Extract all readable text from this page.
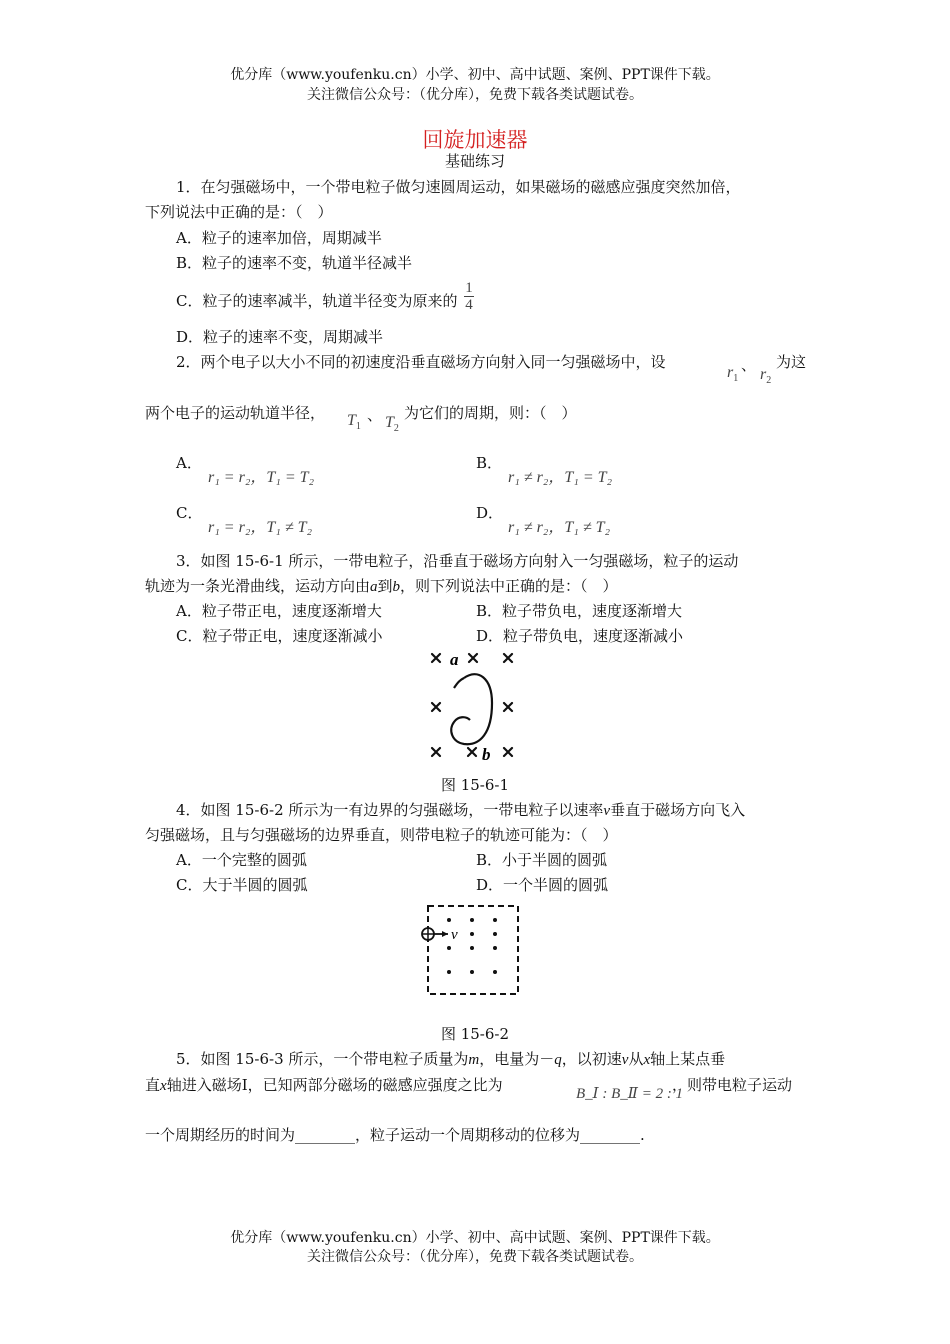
优分库（www.youfenku.cn）小学、初中、高中试题、案例、PPT课件下载。
关注微信公众号：（优分库），免费下载各类试题试卷。
回旋加速器
基础练习
1．在匀强磁场中，一个带电粒子做匀速圆周运动，如果磁场的磁感应强度突然加倍，
下列说法中正确的是：（　）
A．粒子的速率加倍，周期减半
B．粒子的速率不变，轨道半径减半
C．粒子的速率减半，轨道半径变为原来的 $\frac{1}{4}$
D．粒子的速率不变，周期减半
2．两个电子以大小不同的初速度沿垂直磁场方向射入同一匀强磁场中，设
$r_1$
、
$r_2$
为这
两个电子的运动轨道半径， $T_1$
、 $T_2$
为它们的周期，则：（　）
A．
r₁ = r₂，T₁ = T₂
B．
r₁ ≠ r₂，T₁ = T₂
C．
r₁ = r₂，T₁ ≠ T₂
D．
r₁ ≠ r₂，T₁ ≠ T₂
3．如图 15-6-1 所示，一带电粒子，沿垂直于磁场方向射入一匀强磁场，粒子的运动
轨迹为一条光滑曲线，运动方向由a到b，则下列说法中正确的是：（　）
A．粒子带正电，速度逐渐增大	B．粒子带负电，速度逐渐增大
C．粒子带正电，速度逐渐减小	D．粒子带负电，速度逐渐减小
a
b
图 15-6-1
4．如图 15-6-2 所示为一有边界的匀强磁场，一带电粒子以速率v垂直于磁场方向飞入
匀强磁场，且与匀强磁场的边界垂直，则带电粒子的轨迹可能为：（　）
A．一个完整的圆弧	B．小于半圆的圆弧
C．大于半圆的圆弧	D．一个半圆的圆弧
v
图 15-6-2
5．如图 15-6-3 所示，一个带电粒子质量为m，电量为－q，以初速v从x轴上某点垂
直x轴进入磁场Ⅰ，已知两部分磁场的磁感应强度之比为	B_Ⅰ : B_Ⅱ = 2 : 1
，则带电粒子运动
一个周期经历的时间为________，粒子运动一个周期移动的位移为________.
优分库（www.youfenku.cn）小学、初中、高中试题、案例、PPT课件下载。
关注微信公众号：（优分库），免费下载各类试题试卷。
